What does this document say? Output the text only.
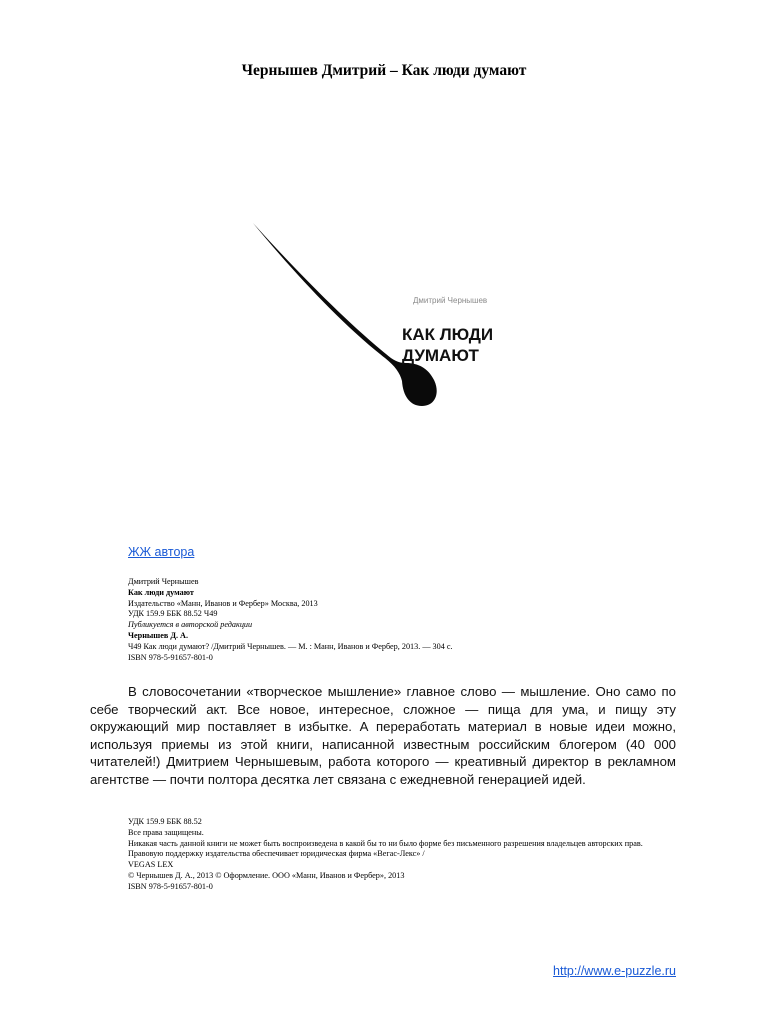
Чернышев Дмитрий – Как люди думают
Дмитрий Чернышев
КАК ЛЮДИ ДУМАЮТ
ЖЖ автора
Дмитрий Чернышев
Как люди думают
Издательство «Манн, Иванов и Фербер» Москва, 2013
УДК 159.9 ББК 88.52 Ч49
Публикуется в авторской редакции
Чернышев Д. А.
Ч49 Как люди думают? /Дмитрий Чернышев. — М. : Манн, Иванов и Фербер, 2013. — 304 с.
ISBN 978-5-91657-801-0

В словосочетании «творческое мышление» главное слово — мышление. Оно само по себе творческий акт. Все новое, интересное, сложное — пища для ума, и пищу эту окружающий мир поставляет в избытке. А переработать материал в новые идеи можно, используя приемы из этой книги, написанной известным российским блогером (40 000 читателей!) Дмитрием Чернышевым, работа которого — креативный директор в рекламном агентстве — почти полтора десятка лет связана с ежедневной генерацией идей.

УДК 159.9 ББК 88.52
Все права защищены.
Никакая часть данной книги не может быть воспроизведена в какой бы то ни было форме без письменного разрешения владельцев авторских прав.
Правовую поддержку издательства обеспечивает юридическая фирма «Вегас-Лекс» /
VEGAS LEX
© Чернышев Д. А., 2013 © Оформление. ООО «Манн, Иванов и Фербер», 2013
ISBN 978-5-91657-801-0
http://www.e-puzzle.ru
